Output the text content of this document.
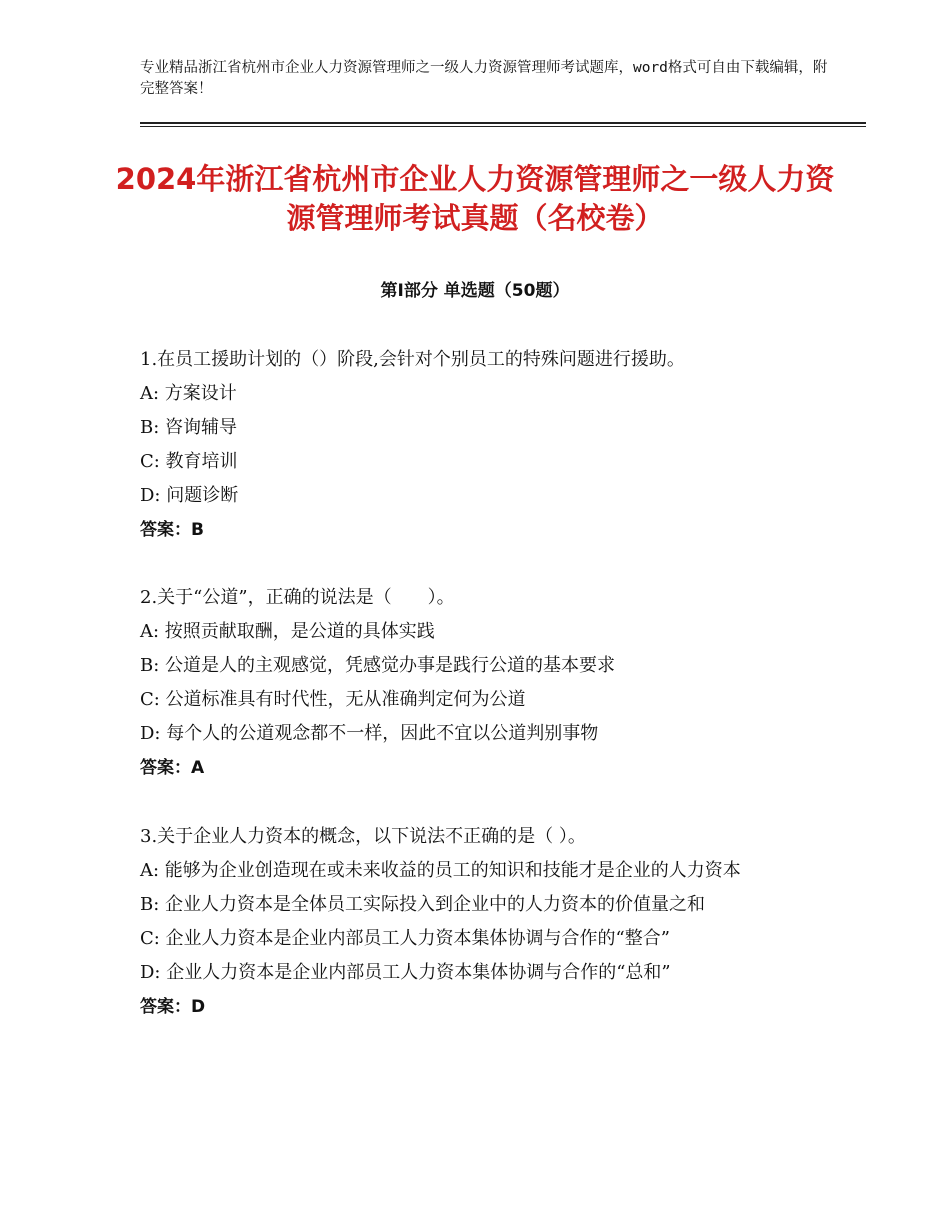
专业精品浙江省杭州市企业人力资源管理师之一级人力资源管理师考试题库，word格式可自由下载编辑，附完整答案！
2024年浙江省杭州市企业人力资源管理师之一级人力资源管理师考试真题（名校卷）
第Ⅰ部分 单选题（50题）

1.在员工援助计划的（）阶段,会针对个别员工的特殊问题进行援助。

A: 方案设计

B: 咨询辅导

C: 教育培训

D: 问题诊断

答案：B

2.关于“公道”，正确的说法是（　　）。

A: 按照贡献取酬，是公道的具体实践

B: 公道是人的主观感觉，凭感觉办事是践行公道的基本要求

C: 公道标准具有时代性，无从准确判定何为公道

D: 每个人的公道观念都不一样，因此不宜以公道判别事物

答案：A

3.关于企业人力资本的概念，以下说法不正确的是（ ）。

A: 能够为企业创造现在或未来收益的员工的知识和技能才是企业的人力资本

B: 企业人力资本是全体员工实际投入到企业中的人力资本的价值量之和

C: 企业人力资本是企业内部员工人力资本集体协调与合作的“整合”

D: 企业人力资本是企业内部员工人力资本集体协调与合作的“总和”

答案：D
